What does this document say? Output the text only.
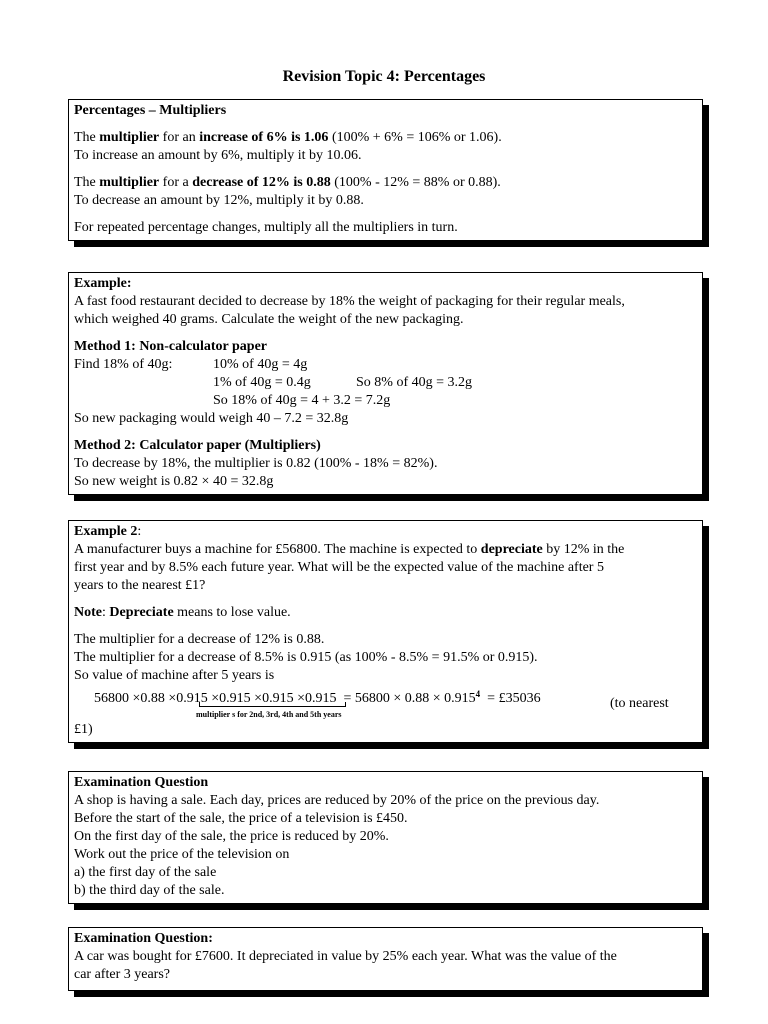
Revision Topic 4: Percentages

Percentages – Multipliers

The multiplier for an increase of 6% is 1.06 (100% + 6% = 106% or 1.06).

To increase an amount by 6%, multiply it by 10.06.

The multiplier for a decrease of 12% is 0.88 (100% - 12% = 88% or 0.88).

To decrease an amount by 12%, multiply it by 0.88.

For repeated percentage changes, multiply all the multipliers in turn.

Example:

A fast food restaurant decided to decrease by 18% the weight of packaging for their regular meals,

which weighed 40 grams. Calculate the weight of the new packaging.

Method 1: Non-calculator paper

Find 18% of 40g:	10% of 40g = 4g
1% of 40g = 0.4g	So 8% of 40g = 3.2g
So 18% of 40g = 4 + 3.2 = 7.2g

So new packaging would weigh 40 – 7.2 = 32.8g

Method 2: Calculator paper (Multipliers)

To decrease by 18%, the multiplier is 0.82 (100% - 18% = 82%).

So new weight is 0.82 × 40 = 32.8g

Example 2:

A manufacturer buys a machine for £56800. The machine is expected to depreciate by 12% in the

first year and by 8.5% each future year. What will be the expected value of the machine after 5

years to the nearest £1?

Note: Depreciate means to lose value.

The multiplier for a decrease of 12% is 0.88.

The multiplier for a decrease of 8.5% is 0.915 (as 100% - 8.5% = 91.5% or 0.915).

So value of machine after 5 years is

$56800 \times 0.88 \times 0.915 \times 0.915 \times 0.915 \times 0.915 = 56800 \times 0.88 \times 0.915^4$  = £35036
multiplier s for 2nd, 3rd, 4th and 5th years
(to nearest

£1)

Examination Question

A shop is having a sale. Each day, prices are reduced by 20% of the price on the previous day.

Before the start of the sale, the price of a television is £450.

On the first day of the sale, the price is reduced by 20%.

Work out the price of the television on

a) the first day of the sale

b) the third day of the sale.

Examination Question:

A car was bought for £7600. It depreciated in value by 25% each year. What was the value of the

car after 3 years?
